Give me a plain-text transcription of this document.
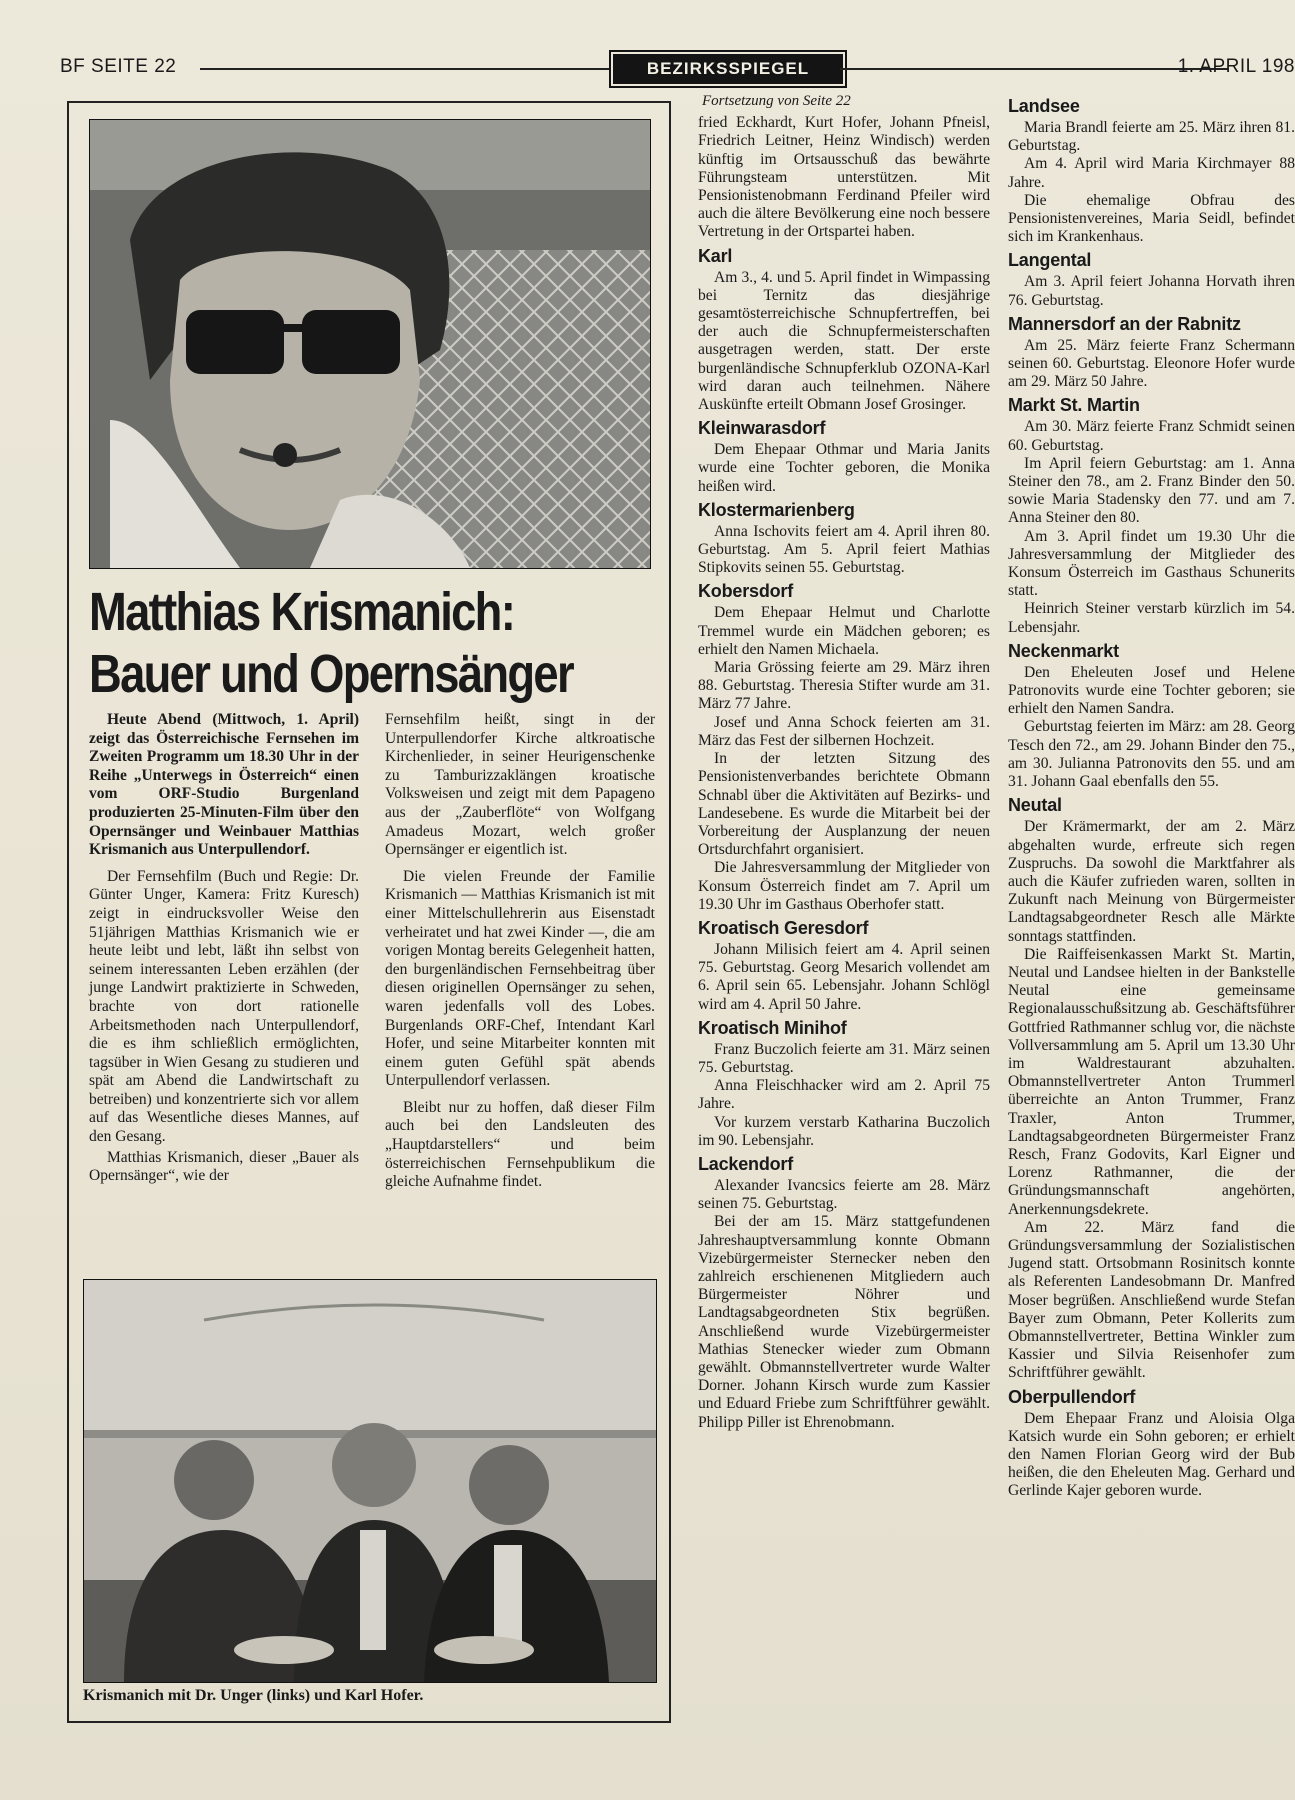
BF SEITE 22	BEZIRKSSPIEGEL	1. APRIL 198
Matthias Krismanich:
Bauer und Opernsänger

Heute Abend (Mittwoch, 1. April) zeigt das Österreichische Fernsehen im Zweiten Programm um 18.30 Uhr in der Reihe „Unterwegs in Österreich“ einen vom ORF-Studio Burgenland produzierten 25-Minuten-Film über den Opernsänger und Weinbauer Matthias Krismanich aus Unterpullendorf.

Der Fernsehfilm (Buch und Regie: Dr. Günter Unger, Kamera: Fritz Kuresch) zeigt in eindrucksvoller Weise den 51jährigen Matthias Krismanich wie er heute leibt und lebt, läßt ihn selbst von seinem interessanten Leben erzählen (der junge Landwirt praktizierte in Schweden, brachte von dort rationelle Arbeitsmethoden nach Unterpullendorf, die es ihm schließlich ermöglichten, tagsüber in Wien Gesang zu studieren und spät am Abend die Landwirtschaft zu betreiben) und konzentrierte sich vor allem auf das Wesentliche dieses Mannes, auf den Gesang.

Matthias Krismanich, dieser „Bauer als Opernsänger“, wie der

Fernsehfilm heißt, singt in der Unterpullendorfer Kirche altkroatische Kirchenlieder, in seiner Heurigenschenke zu Tamburizzaklängen kroatische Volksweisen und zeigt mit dem Papageno aus der „Zauberflöte“ von Wolfgang Amadeus Mozart, welch großer Opernsänger er eigentlich ist.

Die vielen Freunde der Familie Krismanich — Matthias Krismanich ist mit einer Mittelschullehrerin aus Eisenstadt verheiratet und hat zwei Kinder —, die am vorigen Montag bereits Gelegenheit hatten, den burgenländischen Fernsehbeitrag über diesen originellen Opernsänger zu sehen, waren jedenfalls voll des Lobes. Burgenlands ORF-Chef, Intendant Karl Hofer, und seine Mitarbeiter konnten mit einem guten Gefühl spät abends Unterpullendorf verlassen.

Bleibt nur zu hoffen, daß dieser Film auch bei den Landsleuten des „Hauptdarstellers“ und beim österreichischen Fernsehpublikum die gleiche Aufnahme findet.

Krismanich mit Dr. Unger (links) und Karl Hofer.
Fortsetzung von Seite 22

fried Eckhardt, Kurt Hofer, Johann Pfneisl, Friedrich Leitner, Heinz Windisch) werden künftig im Ortsausschuß das bewährte Führungsteam unterstützen. Mit Pensionistenobmann Ferdinand Pfeiler wird auch die ältere Bevölkerung eine noch bessere Vertretung in der Ortspartei haben.

Karl

Am 3., 4. und 5. April findet in Wimpassing bei Ternitz das diesjährige gesamtösterreichische Schnupfertreffen, bei der auch die Schnupfermeisterschaften ausgetragen werden, statt. Der erste burgenländische Schnupferklub OZONA-Karl wird daran auch teilnehmen. Nähere Auskünfte erteilt Obmann Josef Grosinger.

Kleinwarasdorf

Dem Ehepaar Othmar und Maria Janits wurde eine Tochter geboren, die Monika heißen wird.

Klostermarienberg

Anna Ischovits feiert am 4. April ihren 80. Geburtstag. Am 5. April feiert Mathias Stipkovits seinen 55. Geburtstag.

Kobersdorf

Dem Ehepaar Helmut und Charlotte Tremmel wurde ein Mädchen geboren; es erhielt den Namen Michaela.

Maria Grössing feierte am 29. März ihren 88. Geburtstag. Theresia Stifter wurde am 31. März 77 Jahre.

Josef und Anna Schock feierten am 31. März das Fest der silbernen Hochzeit.

In der letzten Sitzung des Pensionistenverbandes berichtete Obmann Schnabl über die Aktivitäten auf Bezirks- und Landesebene. Es wurde die Mitarbeit bei der Vorbereitung der Ausplanzung der neuen Ortsdurchfahrt organisiert.

Die Jahresversammlung der Mitglieder von Konsum Österreich findet am 7. April um 19.30 Uhr im Gasthaus Oberhofer statt.

Kroatisch Geresdorf

Johann Milisich feiert am 4. April seinen 75. Geburtstag. Georg Mesarich vollendet am 6. April sein 65. Lebensjahr. Johann Schlögl wird am 4. April 50 Jahre.

Kroatisch Minihof

Franz Buczolich feierte am 31. März seinen 75. Geburtstag.

Anna Fleischhacker wird am 2. April 75 Jahre.

Vor kurzem verstarb Katharina Buczolich im 90. Lebensjahr.

Lackendorf

Alexander Ivancsics feierte am 28. März seinen 75. Geburtstag.

Bei der am 15. März stattgefundenen Jahreshauptversammlung konnte Obmann Vizebürgermeister Sternecker neben den zahlreich erschienenen Mitgliedern auch Bürgermeister Nöhrer und Landtagsabgeordneten Stix begrüßen. Anschließend wurde Vizebürgermeister Mathias Stenecker wieder zum Obmann gewählt. Obmannstellvertreter wurde Walter Dorner. Johann Kirsch wurde zum Kassier und Eduard Friebe zum Schriftführer gewählt. Philipp Piller ist Ehrenobmann.

Landsee

Maria Brandl feierte am 25. März ihren 81. Geburtstag.

Am 4. April wird Maria Kirchmayer 88 Jahre.

Die ehemalige Obfrau des Pensionistenvereines, Maria Seidl, befindet sich im Krankenhaus.

Langental

Am 3. April feiert Johanna Horvath ihren 76. Geburtstag.

Mannersdorf an der Rabnitz

Am 25. März feierte Franz Schermann seinen 60. Geburtstag. Eleonore Hofer wurde am 29. März 50 Jahre.

Markt St. Martin

Am 30. März feierte Franz Schmidt seinen 60. Geburtstag.

Im April feiern Geburtstag: am 1. Anna Steiner den 78., am 2. Franz Binder den 50. sowie Maria Stadensky den 77. und am 7. Anna Steiner den 80.

Am 3. April findet um 19.30 Uhr die Jahresversammlung der Mitglieder des Konsum Österreich im Gasthaus Schunerits statt.

Heinrich Steiner verstarb kürzlich im 54. Lebensjahr.

Neckenmarkt

Den Eheleuten Josef und Helene Patronovits wurde eine Tochter geboren; sie erhielt den Namen Sandra.

Geburtstag feierten im März: am 28. Georg Tesch den 72., am 29. Johann Binder den 75., am 30. Julianna Patronovits den 55. und am 31. Johann Gaal ebenfalls den 55.

Neutal

Der Krämermarkt, der am 2. März abgehalten wurde, erfreute sich regen Zuspruchs. Da sowohl die Marktfahrer als auch die Käufer zufrieden waren, sollten in Zukunft nach Meinung von Bürgermeister Landtagsabgeordneter Resch alle Märkte sonntags stattfinden.

Die Raiffeisenkassen Markt St. Martin, Neutal und Landsee hielten in der Bankstelle Neutal eine gemeinsame Regionalausschußsitzung ab. Geschäftsführer Gottfried Rathmanner schlug vor, die nächste Vollversammlung am 5. April um 13.30 Uhr im Waldrestaurant abzuhalten. Obmannstellvertreter Anton Trummerl überreichte an Anton Trummer, Franz Traxler, Anton Trummer, Landtagsabgeordneten Bürgermeister Franz Resch, Franz Godovits, Karl Eigner und Lorenz Rathmanner, die der Gründungsmannschaft angehörten, Anerkennungsdekrete.

Am 22. März fand die Gründungsversammlung der Sozialistischen Jugend statt. Ortsobmann Rosinitsch konnte als Referenten Landesobmann Dr. Manfred Moser begrüßen. Anschließend wurde Stefan Bayer zum Obmann, Peter Kollerits zum Obmannstellvertreter, Bettina Winkler zum Kassier und Silvia Reisenhofer zum Schriftführer gewählt.

Oberpullendorf

Dem Ehepaar Franz und Aloisia Olga Katsich wurde ein Sohn geboren; er erhielt den Namen Florian Georg wird der Bub heißen, die den Eheleuten Mag. Gerhard und Gerlinde Kajer geboren wurde.
